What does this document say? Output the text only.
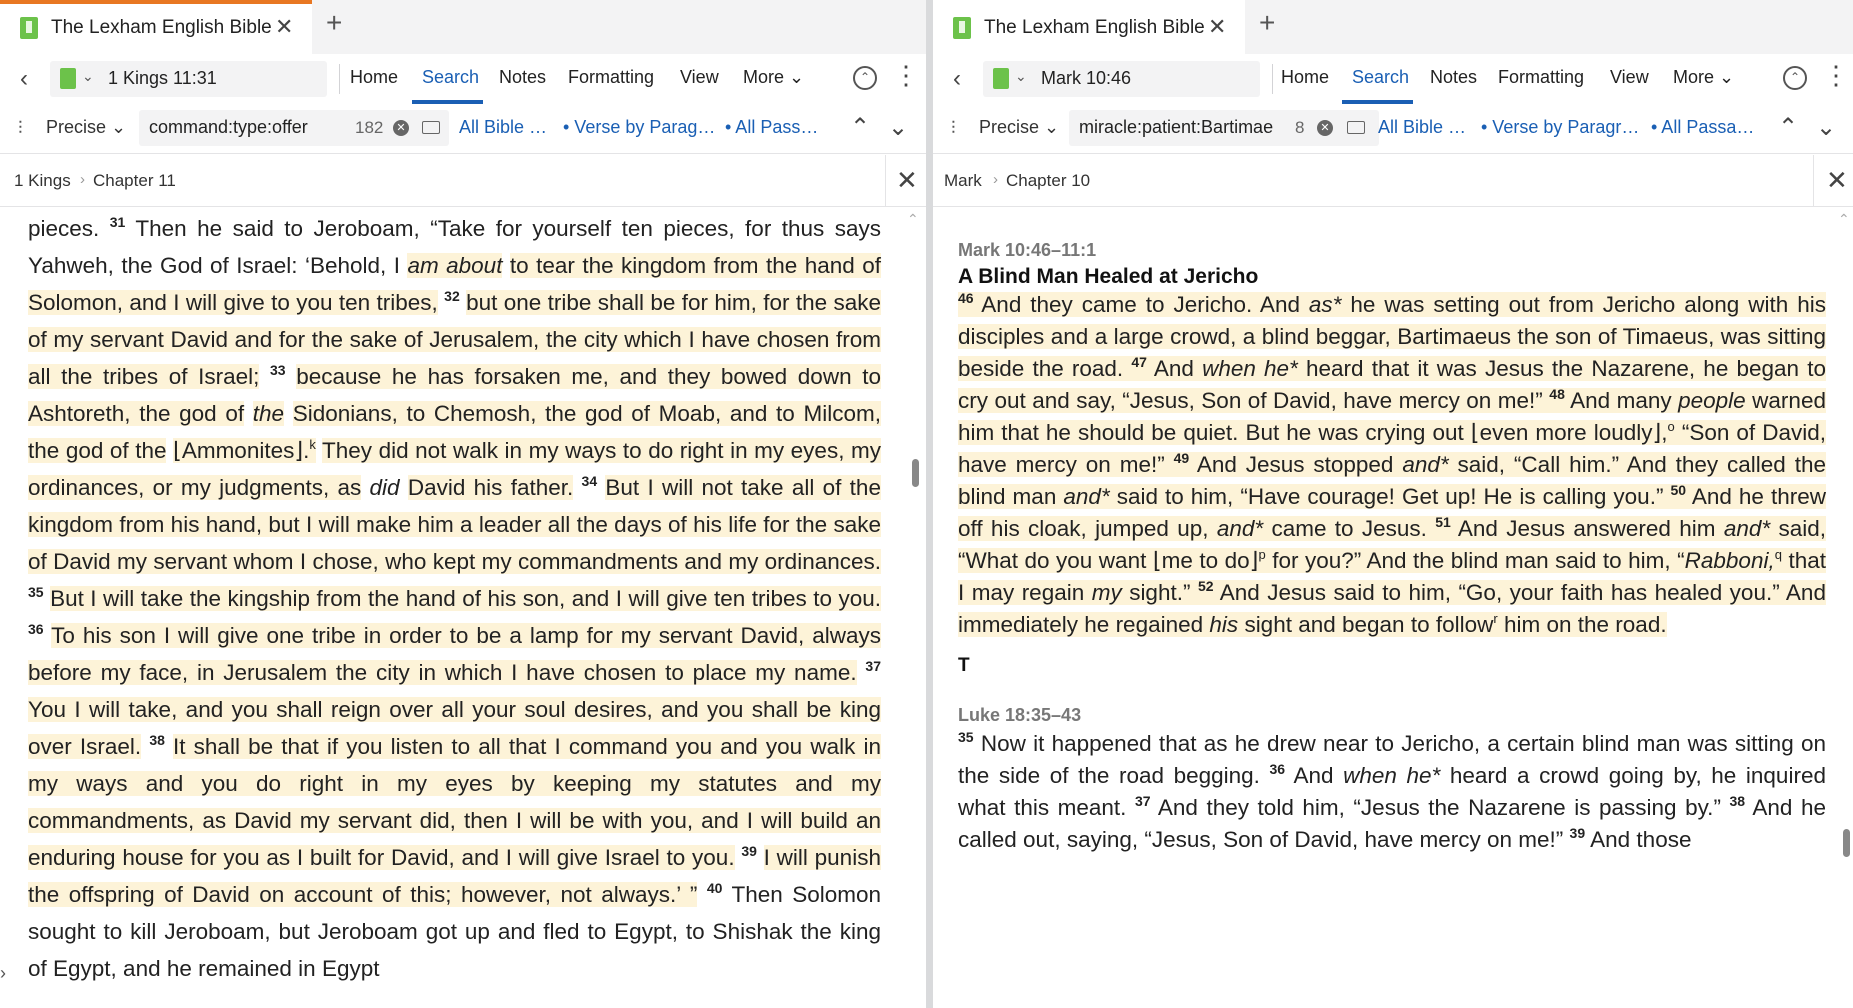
The Lexham English Bible ✕ +
‹	⌄ 1 Kings 11:31	Home Search Notes Formatting View More ⌄	⌃ ⋮
⫶ Precise ⌄ command:type:offer	182	✕	All Bible … • Verse by Parag… • All Pass… ⌃ ⌄
1 Kings › Chapter 11	✕
pieces. $^{31}$ Then he said to Jeroboam, “Take for yourself ten pieces, for thus says Yahweh, the God of Israel: ‘Behold, I am about to tear the kingdom from the hand of Solomon, and I will give to you ten tribes, $^{32}$ but one tribe shall be for him, for the sake of my servant David and for the sake of Jerusalem, the city which I have chosen from all the tribes of Israel; $^{33}$ because he has forsaken me, and they bowed down to Ashtoreth, the god of the Sidonians, to Chemosh, the god of Moab, and to Milcom, the god of the ⌊Ammonites⌋.$^k$ They did not walk in my ways to do right in my eyes, my ordinances, or my judgments, as did David his father. $^{34}$ But I will not take all of the kingdom from his hand, but I will make him a leader all the days of his life for the sake of David my servant whom I chose, who kept my commandments and my ordinances. $^{35}$ But I will take the kingship from the hand of his son, and I will give ten tribes to you. $^{36}$ To his son I will give one tribe in order to be a lamp for my servant David, always before my face, in Jerusalem the city in which I have chosen to place my name. $^{37}$ You I will take, and you shall reign over all your soul desires, and you shall be king over Israel. $^{38}$ It shall be that if you listen to all that I command you and you walk in my ways and you do right in my eyes by keeping my statutes and my commandments, as David my servant did, then I will be with you, and I will build an enduring house for you as I built for David, and I will give Israel to you. $^{39}$ I will punish the offspring of David on account of this; however, not always.’ ” $^{40}$ Then Solomon sought to kill Jeroboam, but Jeroboam got up and fled to Egypt, to Shishak the king of Egypt, and he remained in Egypt
⌃
›
The Lexham English Bible ✕ +
‹	⌄ Mark 10:46	Home Search Notes Formatting View More ⌄	⌃ ⋮
⫶ Precise ⌄ miracle:patient:Bartimae 8	✕	All Bible … • Verse by Paragr… • All Passa… ⌃ ⌄
Mark › Chapter 10	✕
Mark 10:46–11:1
A Blind Man Healed at Jericho
$^{46}$ And they came to Jericho. And as* he was setting out from Jericho along with his disciples and a large crowd, a blind beggar, Bartimaeus the son of Timaeus, was sitting beside the road. $^{47}$ And when he* heard that it was Jesus the Nazarene, he began to cry out and say, “Jesus, Son of David, have mercy on me!” $^{48}$ And many people warned him that he should be quiet. But he was crying out ⌊even more loudly⌋,$^o$ “Son of David, have mercy on me!” $^{49}$ And Jesus stopped and* said, “Call him.” And they called the blind man and* said to him, “Have courage! Get up! He is calling you.” $^{50}$ And he threw off his cloak, jumped up, and* came to Jesus. $^{51}$ And Jesus answered him and* said, “What do you want ⌊me to do⌋$^p$ for you?” And the blind man said to him, “Rabboni,$^q$ that I may regain my sight.” $^{52}$ And Jesus said to him, “Go, your faith has healed you.” And immediately he regained his sight and began to follow$^r$ him on the road.
T
Luke 18:35–43
$^{35}$ Now it happened that as he drew near to Jericho, a certain blind man was sitting on the side of the road begging. $^{36}$ And when he* heard a crowd going by, he inquired what this meant. $^{37}$ And they told him, “Jesus the Nazarene is passing by.” $^{38}$ And he called out, saying, “Jesus, Son of David, have mercy on me!” $^{39}$ And those
⌃
